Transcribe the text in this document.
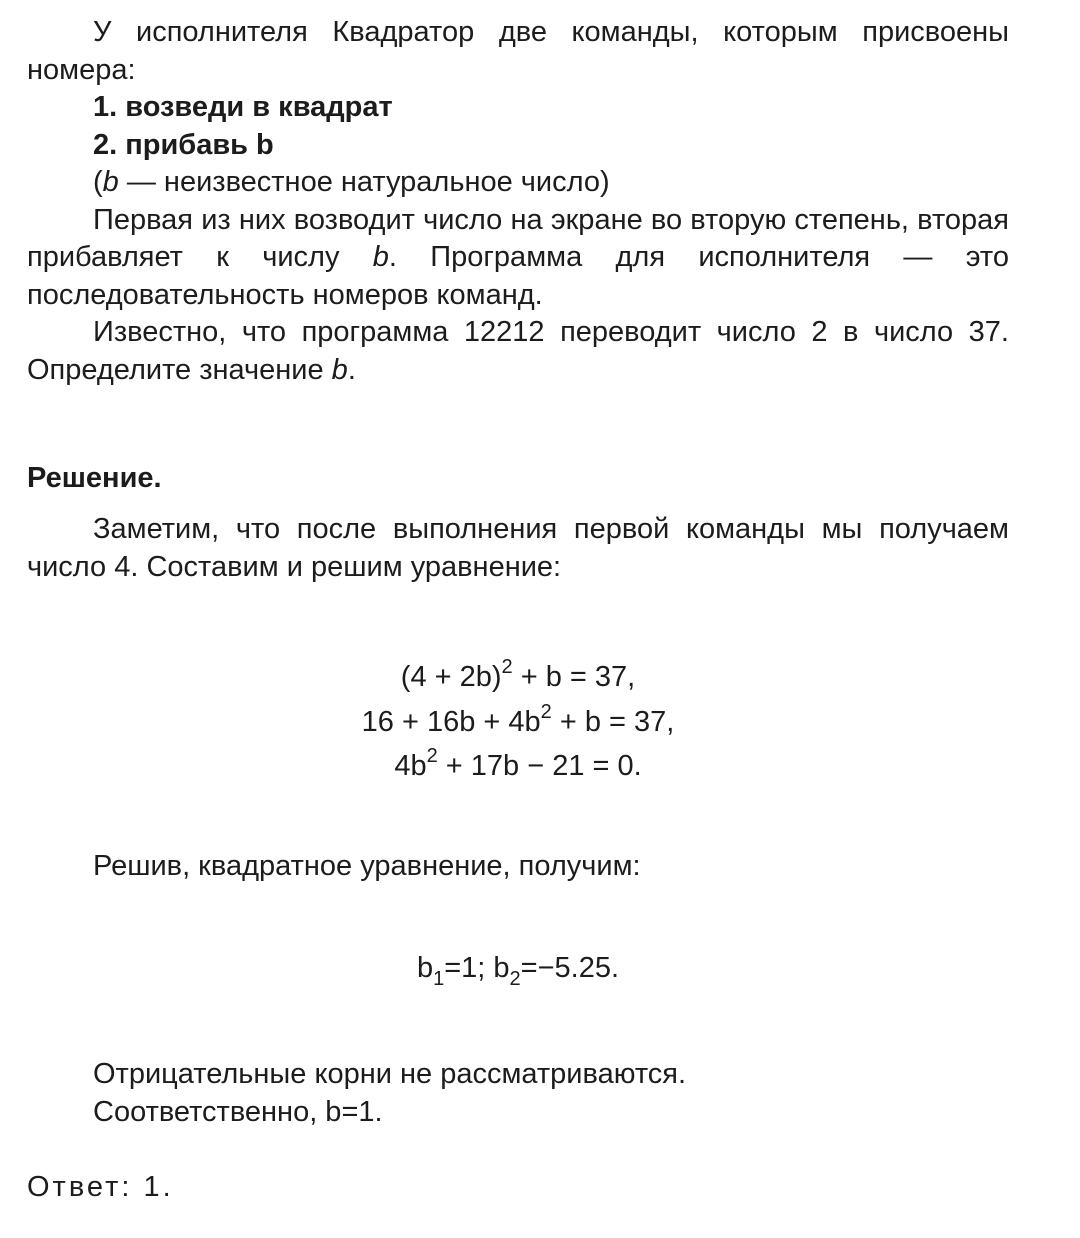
У исполнителя Квадратор две команды, которым присвоены номера:

1. возведи в квадрат

2. прибавь b

(b — неизвестное натуральное число)

Первая из них возводит число на экране во вторую степень, вторая прибавляет к числу b. Программа для исполнителя — это последовательность номеров команд.

Известно, что программа 12212 переводит число 2 в число 37. Определите значение b.

Решение.

Заметим, что после выполнения первой команды мы получаем число 4. Составим и решим уравнение:

$(4 + 2b)^2 + b = 37$,

$16 + 16b + 4b^2 + b = 37$,

$4b^2 + 17b - 21 = 0$.

Решив, квадратное уравнение, получим:

$b_1=1$; $b_2=-5.25$.

Отрицательные корни не рассматриваются.

Соответственно, b=1.

Ответ: 1.
